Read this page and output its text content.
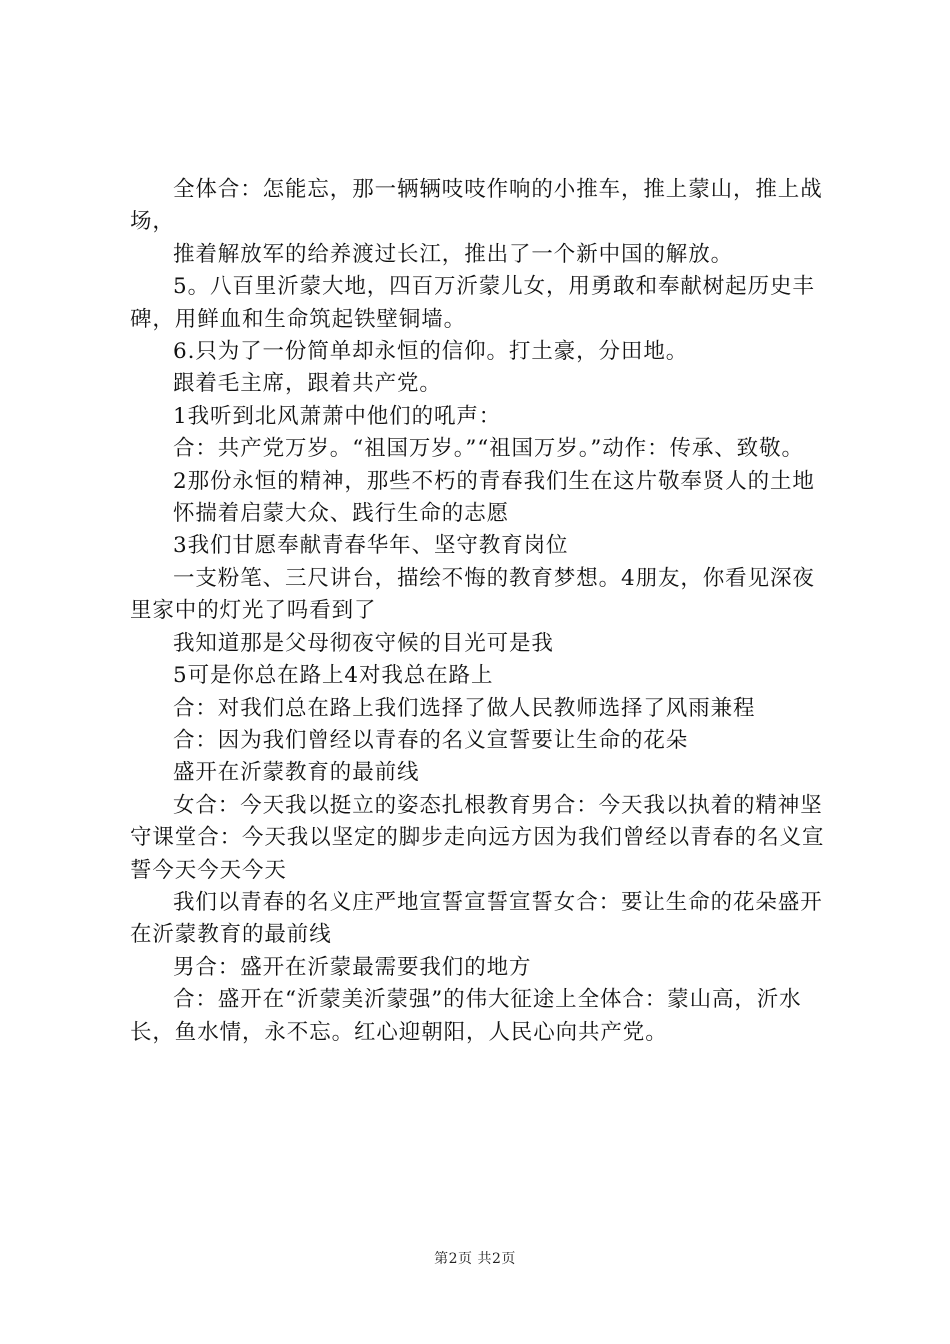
全体合：怎能忘，那一辆辆吱吱作响的小推车，推上蒙山，推上战场，

推着解放军的给养渡过长江，推出了一个新中国的解放。

5。八百里沂蒙大地，四百万沂蒙儿女，用勇敢和奉献树起历史丰碑，用鲜血和生命筑起铁壁铜墙。

6.只为了一份简单却永恒的信仰。打土豪，分田地。

跟着毛主席，跟着共产党。

1我听到北风萧萧中他们的吼声：

合：共产党万岁。“祖国万岁。”“祖国万岁。”动作：传承、致敬。

2那份永恒的精神，那些不朽的青春我们生在这片敬奉贤人的土地

怀揣着启蒙大众、践行生命的志愿

3我们甘愿奉献青春华年、坚守教育岗位

一支粉笔、三尺讲台，描绘不悔的教育梦想。4朋友，你看见深夜里家中的灯光了吗看到了

我知道那是父母彻夜守候的目光可是我

5可是你总在路上4对我总在路上

合：对我们总在路上我们选择了做人民教师选择了风雨兼程

合：因为我们曾经以青春的名义宣誓要让生命的花朵

盛开在沂蒙教育的最前线

女合：今天我以挺立的姿态扎根教育男合：今天我以执着的精神坚守课堂合：今天我以坚定的脚步走向远方因为我们曾经以青春的名义宣誓今天今天今天

我们以青春的名义庄严地宣誓宣誓宣誓女合：要让生命的花朵盛开在沂蒙教育的最前线

男合：盛开在沂蒙最需要我们的地方

合：盛开在“沂蒙美沂蒙强”的伟大征途上全体合：蒙山高，沂水长，鱼水情，永不忘。红心迎朝阳，人民心向共产党。

第2页 共2页
